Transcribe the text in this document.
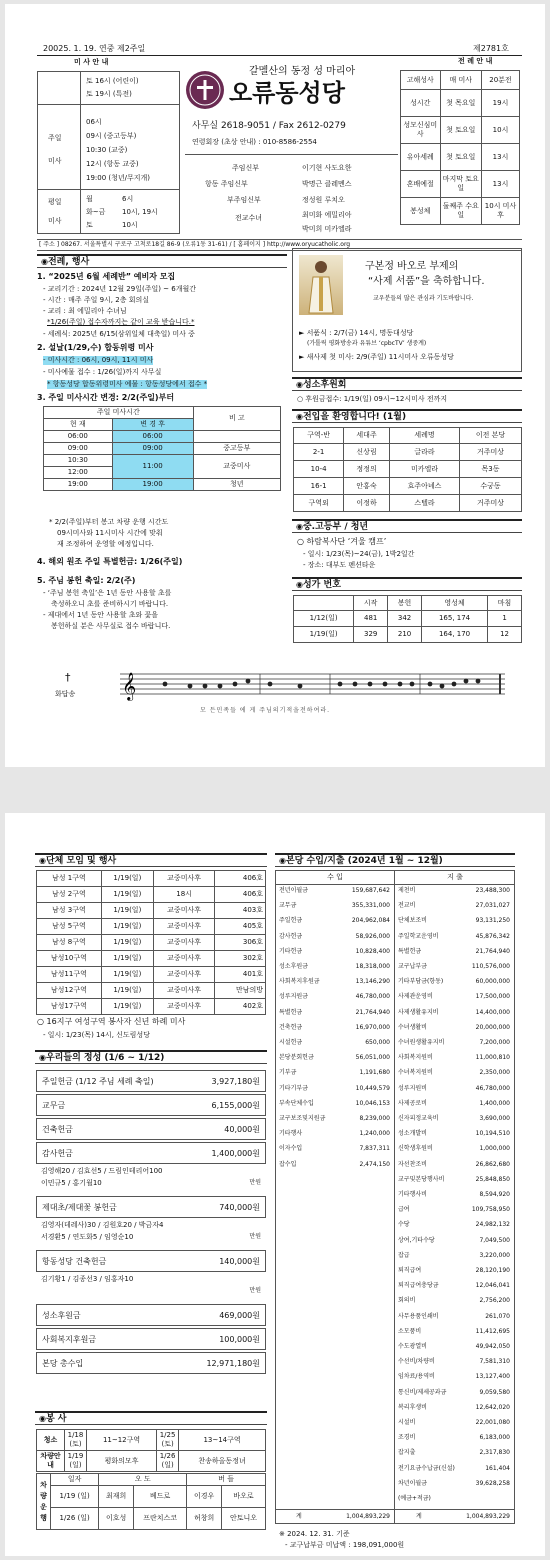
20025. 1. 19. 연중 제2주일	제2781호
미 사 안 내
토 16시 (어린이)
토 19시 (특전)
주일
미사
06시
09시 (중고등부)
10:30 (교중)
12시 (항동 교중)
19:00 (청년/무지개)
평일
미사
월	6시
화~금 10시, 19시
토	10시
갈멜산의 동정 성 마리아
오류동성당
사무실 2618-9051 / Fax 2612-0279
연령회장 (초상 안내) : 010-8586-2554
주임신부	이기현 사도요한
항동 주임신부	박명근 클레멘스
부주임신부	정성원 루치오
전교수녀	최미화 에밀리아
박미희 미카엘라
전 례 안 내
고해성사	매 미사	20분전
성시간	첫 목요일	19시
성모신심미사	첫 토요일	10시
유아세례	첫 토요일	13시
혼배예절	마지막 토요일	13시
봉성체	둘째주 수요일	10시 미사후
[ 주소 ] 08267. 서울특별시 구로구 고척로18길 86-9 (오류1동 31-61) / [ 홈페이지 ] http://www.oryucatholic.org
◉ 전례, 행사
1. “2025년 6월 세례반” 예비자 모집
- 교리기간 : 2024년 12월 29일(주일) ~ 6개월간
- 시간 : 매주 주일 9시, 2층 회의실
- 교리 : 최 에밀리아 수녀님
*1/26(주일) 접수자까지는 같이 교육 받습니다.*
- 세례식: 2025년 6/15(삼위일체 대축일) 미사 중
2. 설날(1/29,수) 합동위령 미사
- 미사시간 : 06시, 09시, 11시 미사
- 미사예물 접수 : 1/26(일)까지 사무실
* 항동성당 합동위령미사 예물 : 항동성당에서 접수 *
3. 주일 미사시간 변경: 2/2(주일)부터
주일 미사시간		비 고
현 재	변 경 후	
06:00	06:00	
09:00	09:00	중고등부
10:30	11:00	교중미사
12:00		
19:00	19:00	청년
* 2/2(주일)부터 봉고 차량 운행 시간도
09시미사와 11시미사 시간에 맞춰
재 조정하여 운영할 예정입니다.
4. 해외 원조 주일 특별헌금: 1/26(주일)
5. 주님 봉헌 축일: 2/2(주)
- ‘주님 봉헌 축일’은 1년 동안 사용할 초를
축성하오니 초를 준비하시기 바랍니다.
- 제대에서 1년 동안 사용할 초와 꽃을
봉헌하실 분은 사무실로 접수 바랍니다.
구본정 바오로 부제의
“사제 서품”을 축하합니다.
교우분들의 많은 관심과 기도바랍니다.
► 서품식 : 2/7(금) 14시, 명동대성당
(가톨릭 평화방송과 유튜브 ‘cpbcTV’ 생중계)
► 새사제 첫 미사: 2/9(주일) 11시미사 오류동성당
◉ 성소후원회
○ 후원금접수: 1/19(일) 09시~12시미사 전까지
◉ 전입을 환영합니다! (1월)
구역-반	세대주	세례명	이전 본당
2-1	신상림	글라라	거주미상
10-4	정정의	미카엘라	목3동
16-1	안홍숙	효주아녜스	수궁동
구역외	이정하	스텔라	거주미상
◉ 중.고등부 / 청년
○ 하람복사단 ‘겨울 캠프’
- 일시: 1/23(목)~24(금), 1박2일간
- 장소: 대부도 펜션타운
◉ 성가 번호
	시작	봉헌	영성체	마침
1/12(일)	481	342	165, 174	1
1/19(일)	329	210	164, 170	12
†
화답송 𝄞
모 든민족들 에 게 주님의기적을전하여라.
◉ 단체 모임 및 행사
남성 1구역	1/19(일)	교중미사후	406호
남성 2구역	1/19(일)	18시	406호
남성 3구역	1/19(일)	교중미사후	403호
남성 5구역	1/19(일)	교중미사후	405호
남성 8구역	1/19(일)	교중미사후	306호
남성10구역	1/19(일)	교중미사후	302호
남성11구역	1/19(일)	교중미사후	401호
남성12구역	1/19(일)	교중미사후	만남의방
남성17구역	1/19(일)	교중미사후	402호
○ 16지구 여성구역 봉사자 신년 하례 미사
- 일시: 1/23(목) 14시, 신도림성당
◉ 우리들의 정성 (1/6 ~ 1/12)
주일헌금 (1/12 주님 세례 축일)	3,927,180원
교무금	6,155,000원
건축헌금	40,000원
감사헌금	1,400,000원
김영해20 / 김효선5 / 드림인테리어100
이민규5 / 홍기월10	만원
제대초/제대꽃 봉헌금	740,000원
김영자(데레사)30 / 김원호20 / 박금자4
서경환5 / 연도화5 / 임영순10	만원
항동성당 건축헌금	140,000원
김기황1 / 김종선3 / 임홍자10
만원
성소후원금	469,000원
사회복지후원금	100,000원
본당 총수입	12,971,180원
◉ 봉 사
청소	1/18 (토)	11~12구역	1/25 (토)	13~14구역
차량안내	1/19 (일)	평화의모후	1/26 (일)	찬송하올동정녀
차량운행	일자	오 도		버 들	
	1/19 (일)	최재희	베드로	이경우	바오로
	1/26 (일)	이호성	프란치스코	허창희	안토니오
◉ 본당 수입/지출 (2024년 1월 ~ 12월)
수 입	지 출
전년이월금	159,687,642
교무금	355,331,000
주일헌금	204,962,084
감사헌금	58,926,000
기타헌금	10,828,400
성소후원금	18,318,000
사회복지후원금	13,146,290
성루지원금	46,780,000
특별헌금	21,764,940
건축헌금	16,970,000
시설헌금	650,000
본당분회헌금	56,051,000
기부금	1,191,680
기타기부금	10,449,579
부속단체수입	10,046,153
교구보조및지원금	8,239,000
기타행사	1,240,000
이자수입	7,837,311
잡수입	2,474,150
제천비	23,488,300
전교비	27,031,027
단체보조비	93,131,250
주일학교운영비	45,876,342
특별헌금	21,764,940
교구납부금	110,576,000
기타부담금(항동)	60,000,000
사제관운영비	17,500,000
사제생활유지비	14,400,000
수녀생활비	20,000,000
수녀원생활유지비	7,200,000
사회복지원비	11,000,810
수녀복지원비	2,350,000
성루지원비	46,780,000
사제공로비	1,400,000
신자피정교육비	3,690,000
성소개발비	10,194,510
신학생후원비	1,000,000
자선찬조비	26,862,680
교구및본당행사비	25,848,850
기타행사비	8,594,920
급여	109,758,950
수당	24,982,132
상여,기타수당	7,049,500
잡급	3,220,000
퇴직급여	28,120,190
퇴직급여충당금	12,046,041
회의비	2,756,200
사무용품인쇄비	261,070
소모품비	11,412,695
수도광열비	49,942,050
수선비/차량비	7,581,310
임차료/용역비	13,127,400
통신비/제세공과금	9,059,580
복리후생비	12,642,020
시설비	22,001,080
조경비	6,183,000
잡지출	2,317,830
전기요금수납금(신설)	161,404
차년이월금	39,628,258
(예금+적금)
계	1,004,893,229	계	1,004,893,229
※ 2024. 12. 31. 기준
- 교구납부금 미납액 : 198,091,000원
